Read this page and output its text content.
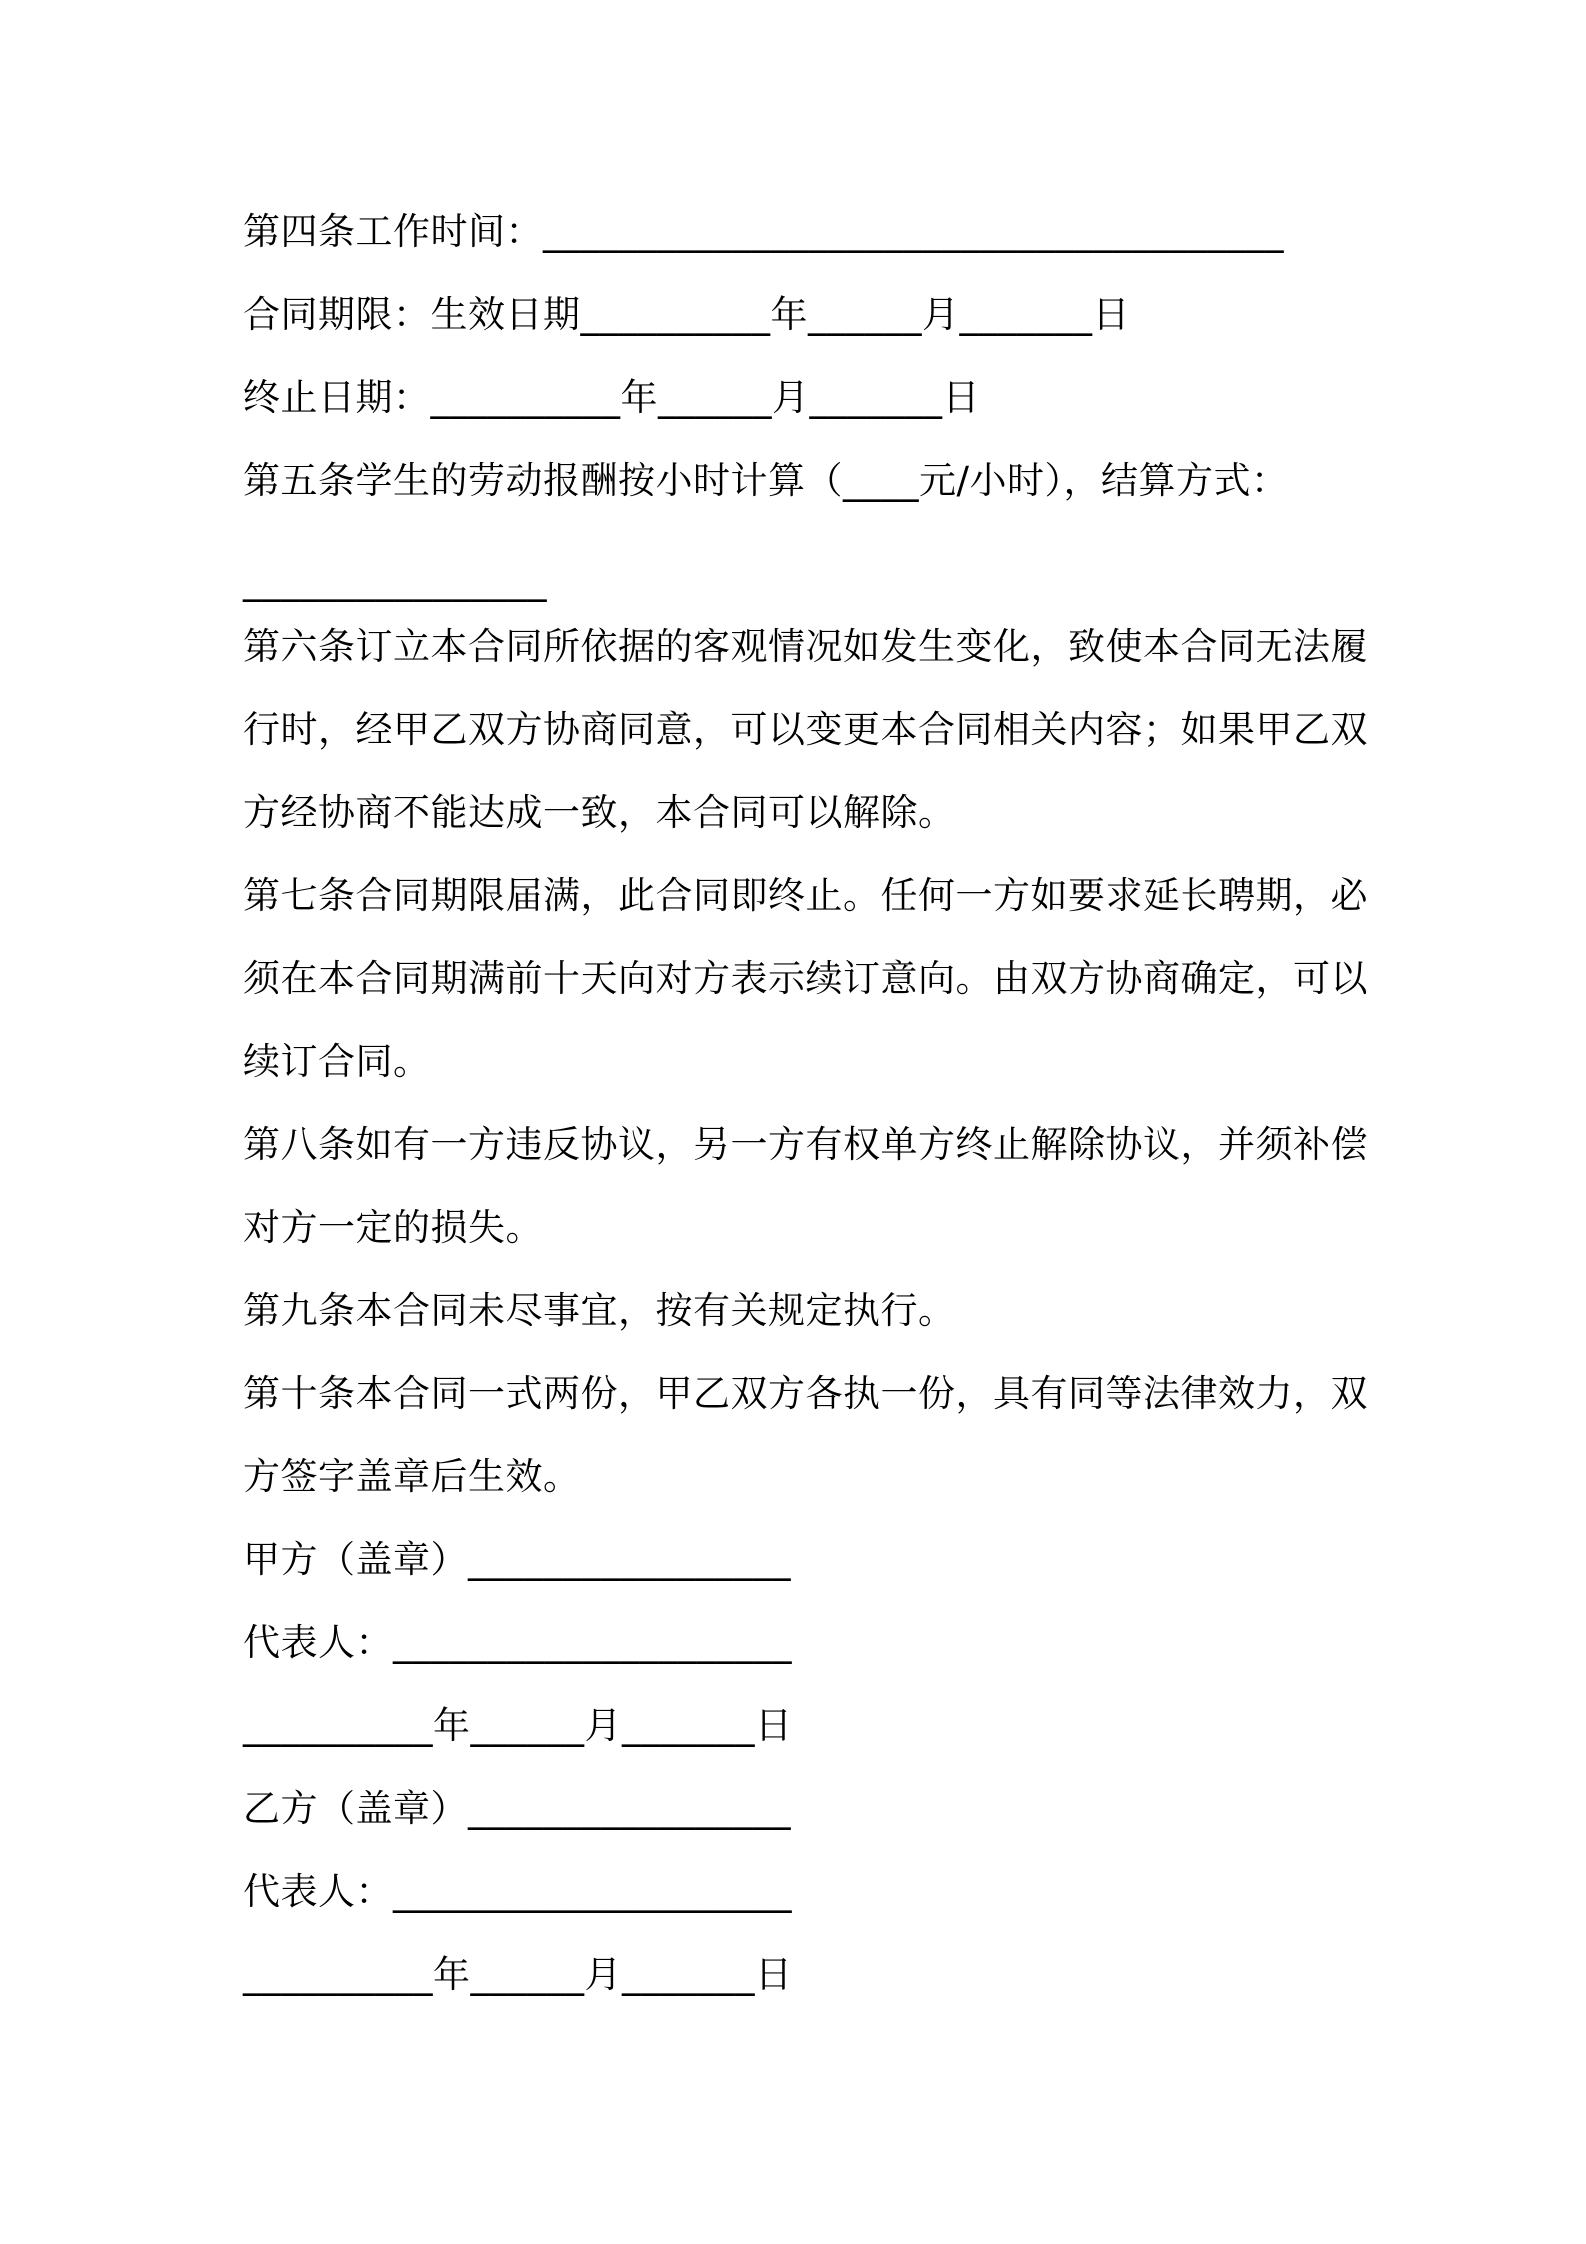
第四条工作时间：_______________________________________
合同期限：生效日期__________年______月_______日
终止日期：__________年______月_______日
第五条学生的劳动报酬按小时计算（____元/小时），结算方式：
________________
第六条订立本合同所依据的客观情况如发生变化，致使本合同无法履
行时，经甲乙双方协商同意，可以变更本合同相关内容；如果甲乙双
方经协商不能达成一致，本合同可以解除。
第七条合同期限届满，此合同即终止。任何一方如要求延长聘期，必
须在本合同期满前十天向对方表示续订意向。由双方协商确定，可以
续订合同。
第八条如有一方违反协议，另一方有权单方终止解除协议，并须补偿
对方一定的损失。
第九条本合同未尽事宜，按有关规定执行。
第十条本合同一式两份，甲乙双方各执一份，具有同等法律效力，双
方签字盖章后生效。
甲方（盖章）_________________
代表人：_____________________
__________年______月_______日
乙方（盖章）_________________
代表人：_____________________
__________年______月_______日
